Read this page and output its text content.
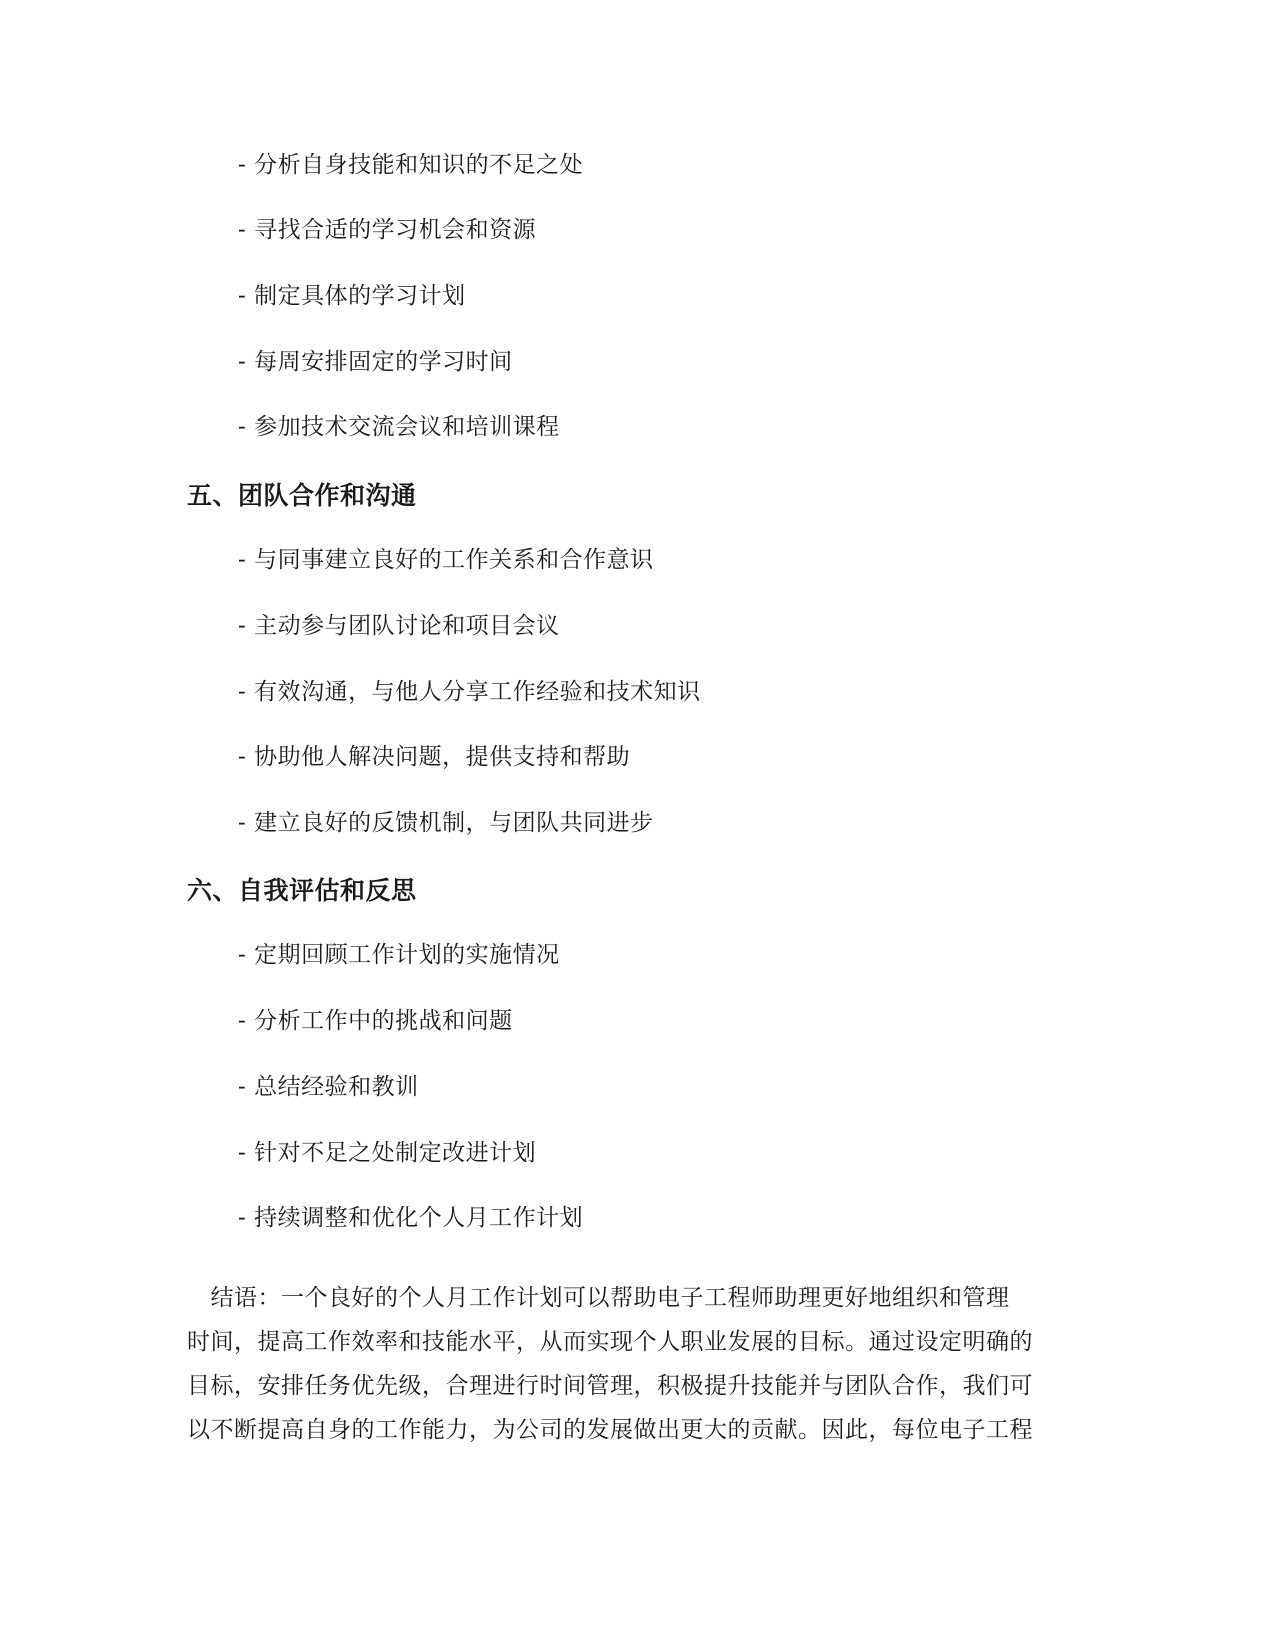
- 分析自身技能和知识的不足之处
- 寻找合适的学习机会和资源
- 制定具体的学习计划
- 每周安排固定的学习时间
- 参加技术交流会议和培训课程
五、团队合作和沟通
- 与同事建立良好的工作关系和合作意识
- 主动参与团队讨论和项目会议
- 有效沟通，与他人分享工作经验和技术知识
- 协助他人解决问题，提供支持和帮助
- 建立良好的反馈机制，与团队共同进步
六、自我评估和反思
- 定期回顾工作计划的实施情况
- 分析工作中的挑战和问题
- 总结经验和教训
- 针对不足之处制定改进计划
- 持续调整和优化个人月工作计划
　结语：一个良好的个人月工作计划可以帮助电子工程师助理更好地组织和管理
时间，提高工作效率和技能水平，从而实现个人职业发展的目标。通过设定明确的
目标，安排任务优先级，合理进行时间管理，积极提升技能并与团队合作，我们可
以不断提高自身的工作能力，为公司的发展做出更大的贡献。因此，每位电子工程
